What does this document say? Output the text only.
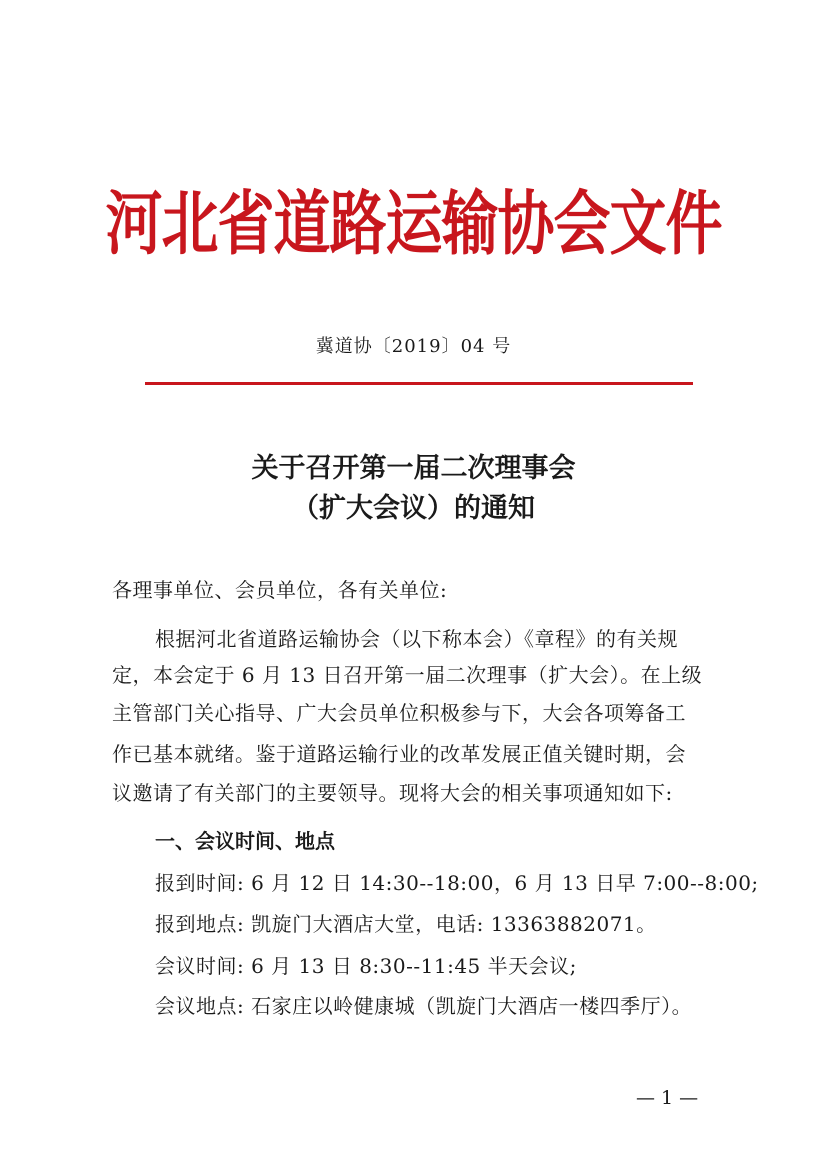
河北省道路运输协会文件
冀道协〔2019〕04 号
关于召开第一届二次理事会
（扩大会议）的通知
各理事单位、会员单位，各有关单位:
根据河北省道路运输协会（以下称本会）《章程》的有关规
定，本会定于 6 月 13 日召开第一届二次理事（扩大会）。在上级
主管部门关心指导、广大会员单位积极参与下，大会各项筹备工
作已基本就绪。鉴于道路运输行业的改革发展正值关键时期，会
议邀请了有关部门的主要领导。现将大会的相关事项通知如下:
一、会议时间、地点
报到时间: 6 月 12 日 14:30--18:00，6 月 13 日早 7:00--8:00;
报到地点: 凯旋门大酒店大堂，电话: 13363882071。
会议时间: 6 月 13 日 8:30--11:45 半天会议;
会议地点: 石家庄以岭健康城（凯旋门大酒店一楼四季厅）。
— 1 —
